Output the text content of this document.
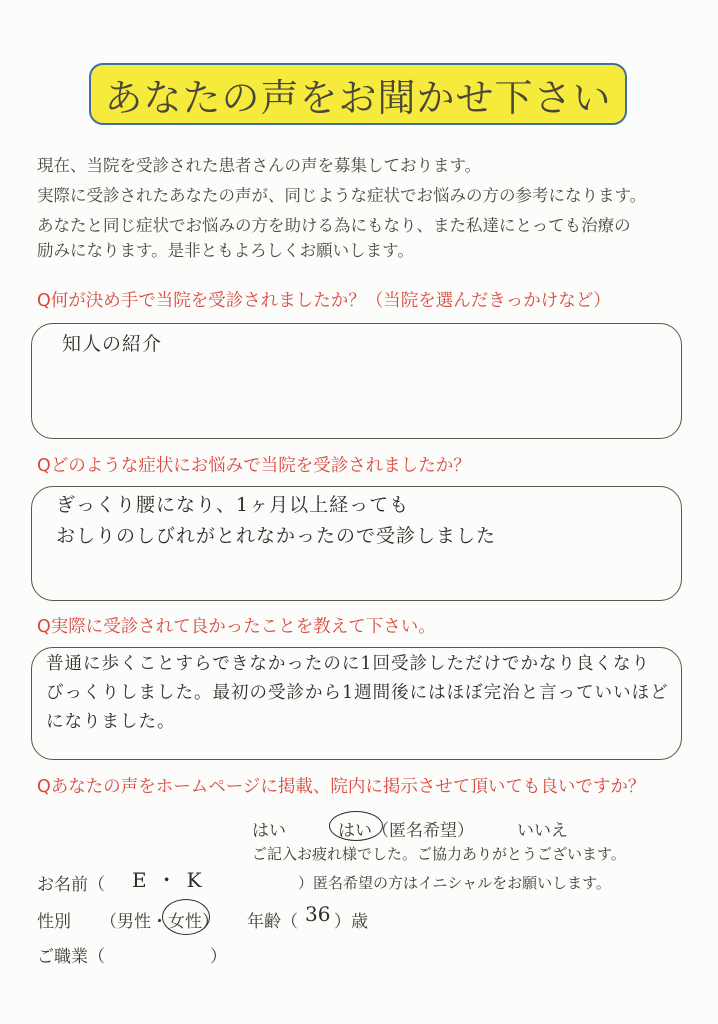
あなたの声をお聞かせ下さい
現在、当院を受診された患者さんの声を募集しております。
実際に受診されたあなたの声が、同じような症状でお悩みの方の参考になります。
あなたと同じ症状でお悩みの方を助ける為にもなり、また私達にとっても治療の
励みになります。是非ともよろしくお願いします。
Q何が決め手で当院を受診されましたか？（当院を選んだきっかけなど）
知人の紹介
Qどのような症状にお悩みで当院を受診されましたか？
ぎっくり腰になり、1ヶ月以上経っても
おしりのしびれがとれなかったので受診しました
Q実際に受診されて良かったことを教えて下さい。
普通に歩くことすらできなかったのに1回受診しただけでかなり良くなり
びっくりしました。最初の受診から1週間後にはほぼ完治と言っていいほど
になりました。
Qあなたの声をホームページに掲載、院内に掲示させて頂いても良いですか？
はい	はい （匿名希望）	いいえ
ご記入お疲れ様でした。ご協力ありがとうございます。
お名前（ E・K	）匿名希望の方はイニシャルをお願いします。
性別 （男性・女性） 年齢（ 36 ）歳
ご職業（	）
